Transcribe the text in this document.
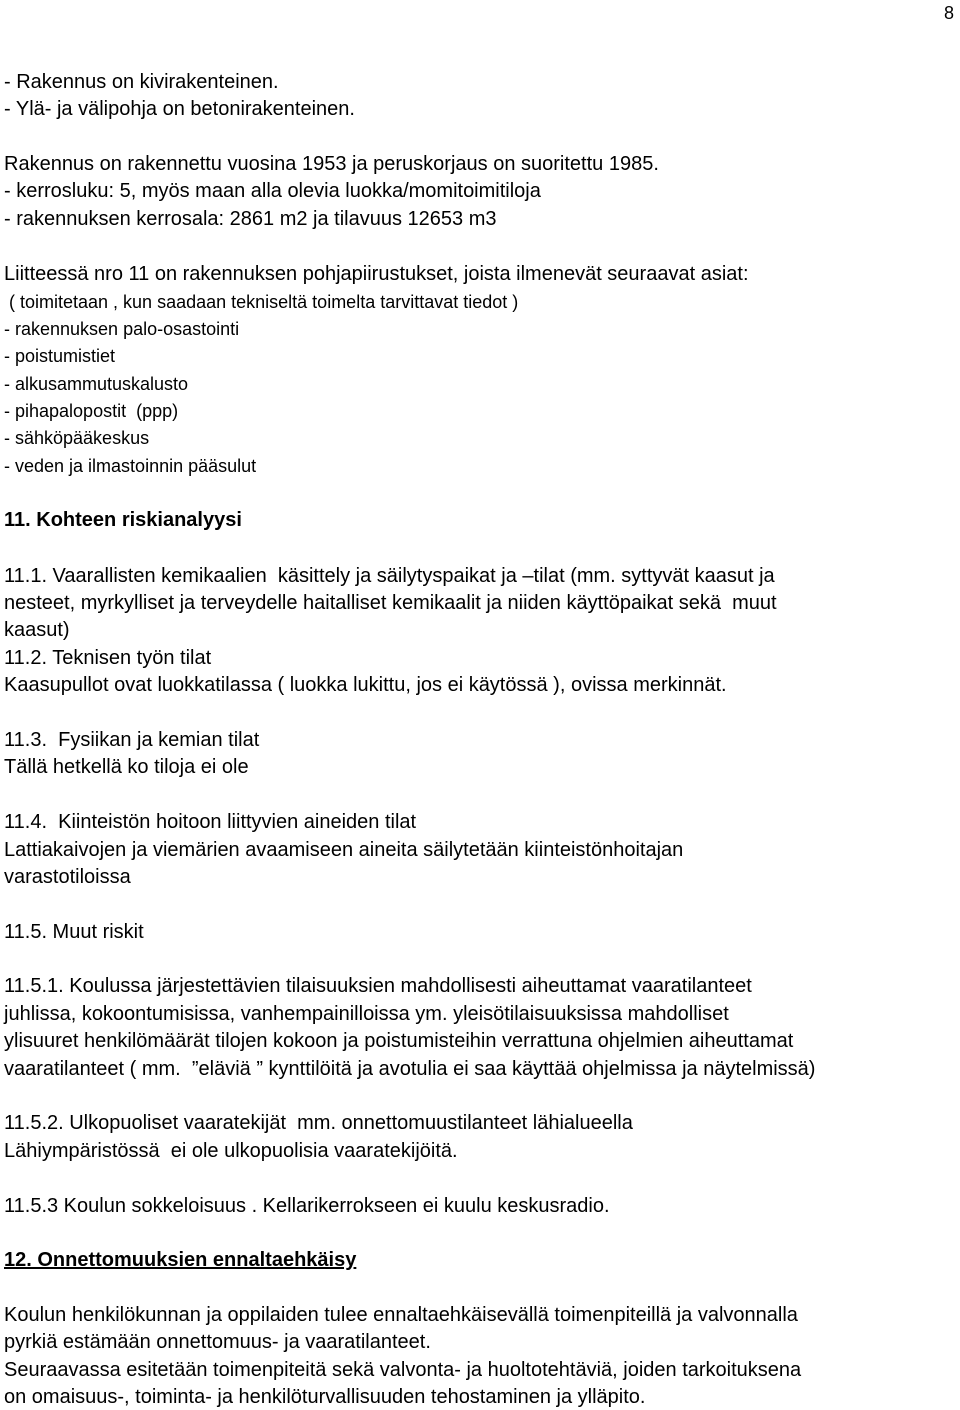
8
- Rakennus on kivirakenteinen.
- Ylä- ja välipohja on betonirakenteinen.
Rakennus on rakennettu vuosina 1953 ja peruskorjaus on suoritettu 1985.
- kerrosluku: 5, myös maan alla olevia luokka/momitoimitiloja
- rakennuksen kerrosala: 2861 m2 ja tilavuus 12653 m3
Liitteessä nro 11 on rakennuksen pohjapiirustukset, joista ilmenevät seuraavat asiat:
( toimitetaan , kun saadaan tekniseltä toimelta tarvittavat tiedot )
- rakennuksen palo-osastointi
- poistumistiet
- alkusammutuskalusto
- pihapalopostit  (ppp)
- sähköpääkeskus
- veden ja ilmastoinnin pääsulut
11. Kohteen riskianalyysi
11.1. Vaarallisten kemikaalien  käsittely ja säilytyspaikat ja –tilat (mm. syttyvät kaasut ja
nesteet, myrkylliset ja terveydelle haitalliset kemikaalit ja niiden käyttöpaikat sekä  muut
kaasut)
11.2. Teknisen työn tilat
Kaasupullot ovat luokkatilassa ( luokka lukittu, jos ei käytössä ), ovissa merkinnät.
11.3.  Fysiikan ja kemian tilat
Tällä hetkellä ko tiloja ei ole
11.4.  Kiinteistön hoitoon liittyvien aineiden tilat
Lattiakaivojen ja viemärien avaamiseen aineita säilytetään kiinteistönhoitajan
varastotiloissa
11.5. Muut riskit
11.5.1. Koulussa järjestettävien tilaisuuksien mahdollisesti aiheuttamat vaaratilanteet
juhlissa, kokoontumisissa, vanhempainilloissa ym. yleisötilaisuuksissa mahdolliset
ylisuuret henkilömäärät tilojen kokoon ja poistumisteihin verrattuna ohjelmien aiheuttamat
vaaratilanteet ( mm.  ”eläviä ” kynttilöitä ja avotulia ei saa käyttää ohjelmissa ja näytelmissä)
11.5.2. Ulkopuoliset vaaratekijät  mm. onnettomuustilanteet lähialueella
Lähiympäristössä  ei ole ulkopuolisia vaaratekijöitä.
11.5.3 Koulun sokkeloisuus . Kellarikerrokseen ei kuulu keskusradio.
12. Onnettomuuksien ennaltaehkäisy
Koulun henkilökunnan ja oppilaiden tulee ennaltaehkäisevällä toimenpiteillä ja valvonnalla
pyrkiä estämään onnettomuus- ja vaaratilanteet.
Seuraavassa esitetään toimenpiteitä sekä valvonta- ja huoltotehtäviä, joiden tarkoituksena
on omaisuus-, toiminta- ja henkilöturvallisuuden tehostaminen ja ylläpito.
